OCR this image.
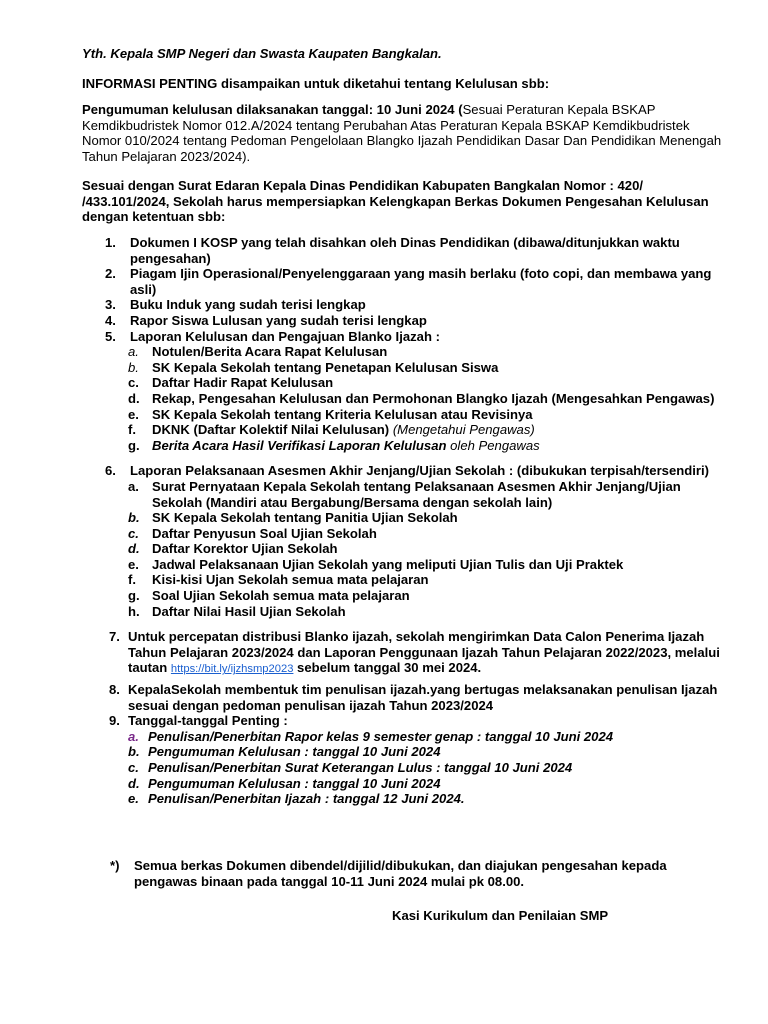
Yth. Kepala SMP Negeri dan Swasta Kaupaten Bangkalan.

INFORMASI PENTING disampaikan untuk diketahui tentang Kelulusan sbb:

Pengumuman kelulusan dilaksanakan tanggal: 10 Juni 2024 (Sesuai Peraturan Kepala BSKAP Kemdikbudristek Nomor 012.A/2024 tentang Perubahan Atas Peraturan Kepala BSKAP Kemdikbudristek Nomor 010/2024 tentang Pedoman Pengelolaan Blangko Ijazah Pendidikan Dasar Dan Pendidikan Menengah Tahun Pelajaran 2023/2024).

Sesuai dengan Surat Edaran Kepala Dinas Pendidikan Kabupaten Bangkalan Nomor : 420/ /433.101/2024, Sekolah harus mempersiapkan Kelengkapan Berkas Dokumen Pengesahan Kelulusan dengan ketentuan sbb:

1. Dokumen I KOSP yang telah disahkan oleh Dinas Pendidikan (dibawa/ditunjukkan waktu pengesahan)
2. Piagam Ijin Operasional/Penyelenggaraan yang masih berlaku (foto copi, dan membawa yang asli)
3. Buku Induk yang sudah terisi lengkap
4. Rapor Siswa Lulusan yang sudah terisi lengkap
5. Laporan Kelulusan dan Pengajuan Blanko Ijazah :
a. Notulen/Berita Acara Rapat Kelulusan
b. SK Kepala Sekolah tentang Penetapan Kelulusan Siswa
c. Daftar Hadir Rapat Kelulusan
d. Rekap, Pengesahan Kelulusan dan Permohonan Blangko Ijazah (Mengesahkan Pengawas)
e. SK Kepala Sekolah tentang Kriteria Kelulusan atau Revisinya
f. DKNK (Daftar Kolektif Nilai Kelulusan) (Mengetahui Pengawas)
g. Berita Acara Hasil Verifikasi Laporan Kelulusan oleh Pengawas
6. Laporan Pelaksanaan Asesmen Akhir Jenjang/Ujian Sekolah : (dibukukan terpisah/tersendiri)
a. Surat Pernyataan Kepala Sekolah tentang Pelaksanaan Asesmen Akhir Jenjang/Ujian Sekolah (Mandiri atau Bergabung/Bersama dengan sekolah lain)
b. SK Kepala Sekolah tentang Panitia Ujian Sekolah
c. Daftar Penyusun Soal Ujian Sekolah
d. Daftar Korektor Ujian Sekolah
e. Jadwal Pelaksanaan Ujian Sekolah yang meliputi Ujian Tulis dan Uji Praktek
f. Kisi-kisi Ujan Sekolah semua mata pelajaran
g. Soal Ujian Sekolah semua mata pelajaran
h. Daftar Nilai Hasil Ujian Sekolah
7. Untuk percepatan distribusi Blanko ijazah, sekolah mengirimkan Data Calon Penerima Ijazah Tahun Pelajaran 2023/2024 dan Laporan Penggunaan Ijazah Tahun Pelajaran 2022/2023, melalui tautan https://bit.ly/ijzhsmp2023 sebelum tanggal 30 mei 2024.
8. KepalaSekolah membentuk tim penulisan ijazah.yang bertugas melaksanakan penulisan Ijazah sesuai dengan pedoman penulisan ijazah Tahun 2023/2024
9. Tanggal-tanggal Penting :
a. Penulisan/Penerbitan Rapor kelas 9 semester genap : tanggal 10 Juni 2024
b. Pengumuman Kelulusan : tanggal 10 Juni 2024
c. Penulisan/Penerbitan Surat Keterangan Lulus : tanggal 10 Juni 2024
d. Pengumuman Kelulusan : tanggal 10 Juni 2024
e. Penulisan/Penerbitan Ijazah : tanggal 12 Juni 2024.
*)	Semua berkas Dokumen dibendel/dijilid/dibukukan, dan diajukan pengesahan kepada pengawas binaan pada tanggal 10-11 Juni 2024 mulai pk 08.00.
Kasi Kurikulum dan Penilaian SMP
